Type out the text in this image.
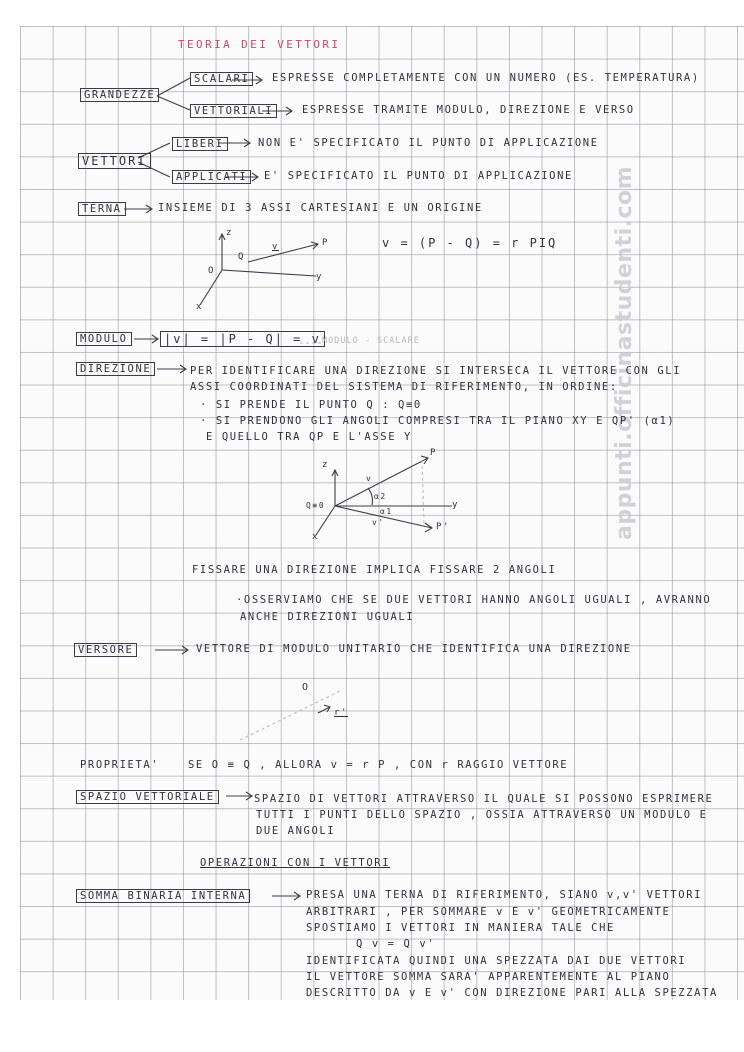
appunti.officinastudenti.com
TEORIA DEI VETTORI
GRANDEZZE
SCALARI	ESPRESSE COMPLETAMENTE CON UN NUMERO (ES. TEMPERATURA)
VETTORIALI	ESPRESSE TRAMITE MODULO, DIREZIONE E VERSO
VETTORI
LIBERI	NON E' SPECIFICATO IL PUNTO DI APPLICAZIONE
APPLICATI	E' SPECIFICATO IL PUNTO DI APPLICAZIONE
TERNA	INSIEME DI 3 ASSI CARTESIANI E UN ORIGINE
z
O
y
x
Q
v	P	v = (P - Q) = r PIQ
MODULO	|v| = |P - Q| = v MODULO - SCALARE
DIREZIONE	PER IDENTIFICARE UNA DIREZIONE SI INTERSECA IL VETTORE CON GLI
ASSI COORDINATI DEL SISTEMA DI RIFERIMENTO, IN ORDINE:
· SI PRENDE IL PUNTO Q : Q≡0
· SI PRENDONO GLI ANGOLI COMPRESI TRA IL PIANO XY E QP' (α1)
E QUELLO TRA QP E L'ASSE Y
z
P
v
α2
Q≡0	y
α1
v'	P'
x
FISSARE UNA DIREZIONE IMPLICA FISSARE 2 ANGOLI
·OSSERVIAMO CHE SE DUE VETTORI HANNO ANGOLI UGUALI , AVRANNO
ANCHE DIREZIONI UGUALI
VERSORE	VETTORE DI MODULO UNITARIO CHE IDENTIFICA UNA DIREZIONE
O
r'
PROPRIETA'	SE O ≡ Q , ALLORA v = r P , CON r RAGGIO VETTORE
SPAZIO VETTORIALE	SPAZIO DI VETTORI ATTRAVERSO IL QUALE SI POSSONO ESPRIMERE
TUTTI I PUNTI DELLO SPAZIO , OSSIA ATTRAVERSO UN MODULO E
DUE ANGOLI
OPERAZIONI CON I VETTORI
SOMMA BINARIA INTERNA	PRESA UNA TERNA DI RIFERIMENTO, SIANO v,v' VETTORI
ARBITRARI , PER SOMMARE v E v' GEOMETRICAMENTE
SPOSTIAMO I VETTORI IN MANIERA TALE CHE
Q v = Q v'
IDENTIFICATA QUINDI UNA SPEZZATA DAI DUE VETTORI
IL VETTORE SOMMA SARA' APPARENTEMENTE AL PIANO
DESCRITTO DA v E v' CON DIREZIONE PARI ALLA SPEZZATA
